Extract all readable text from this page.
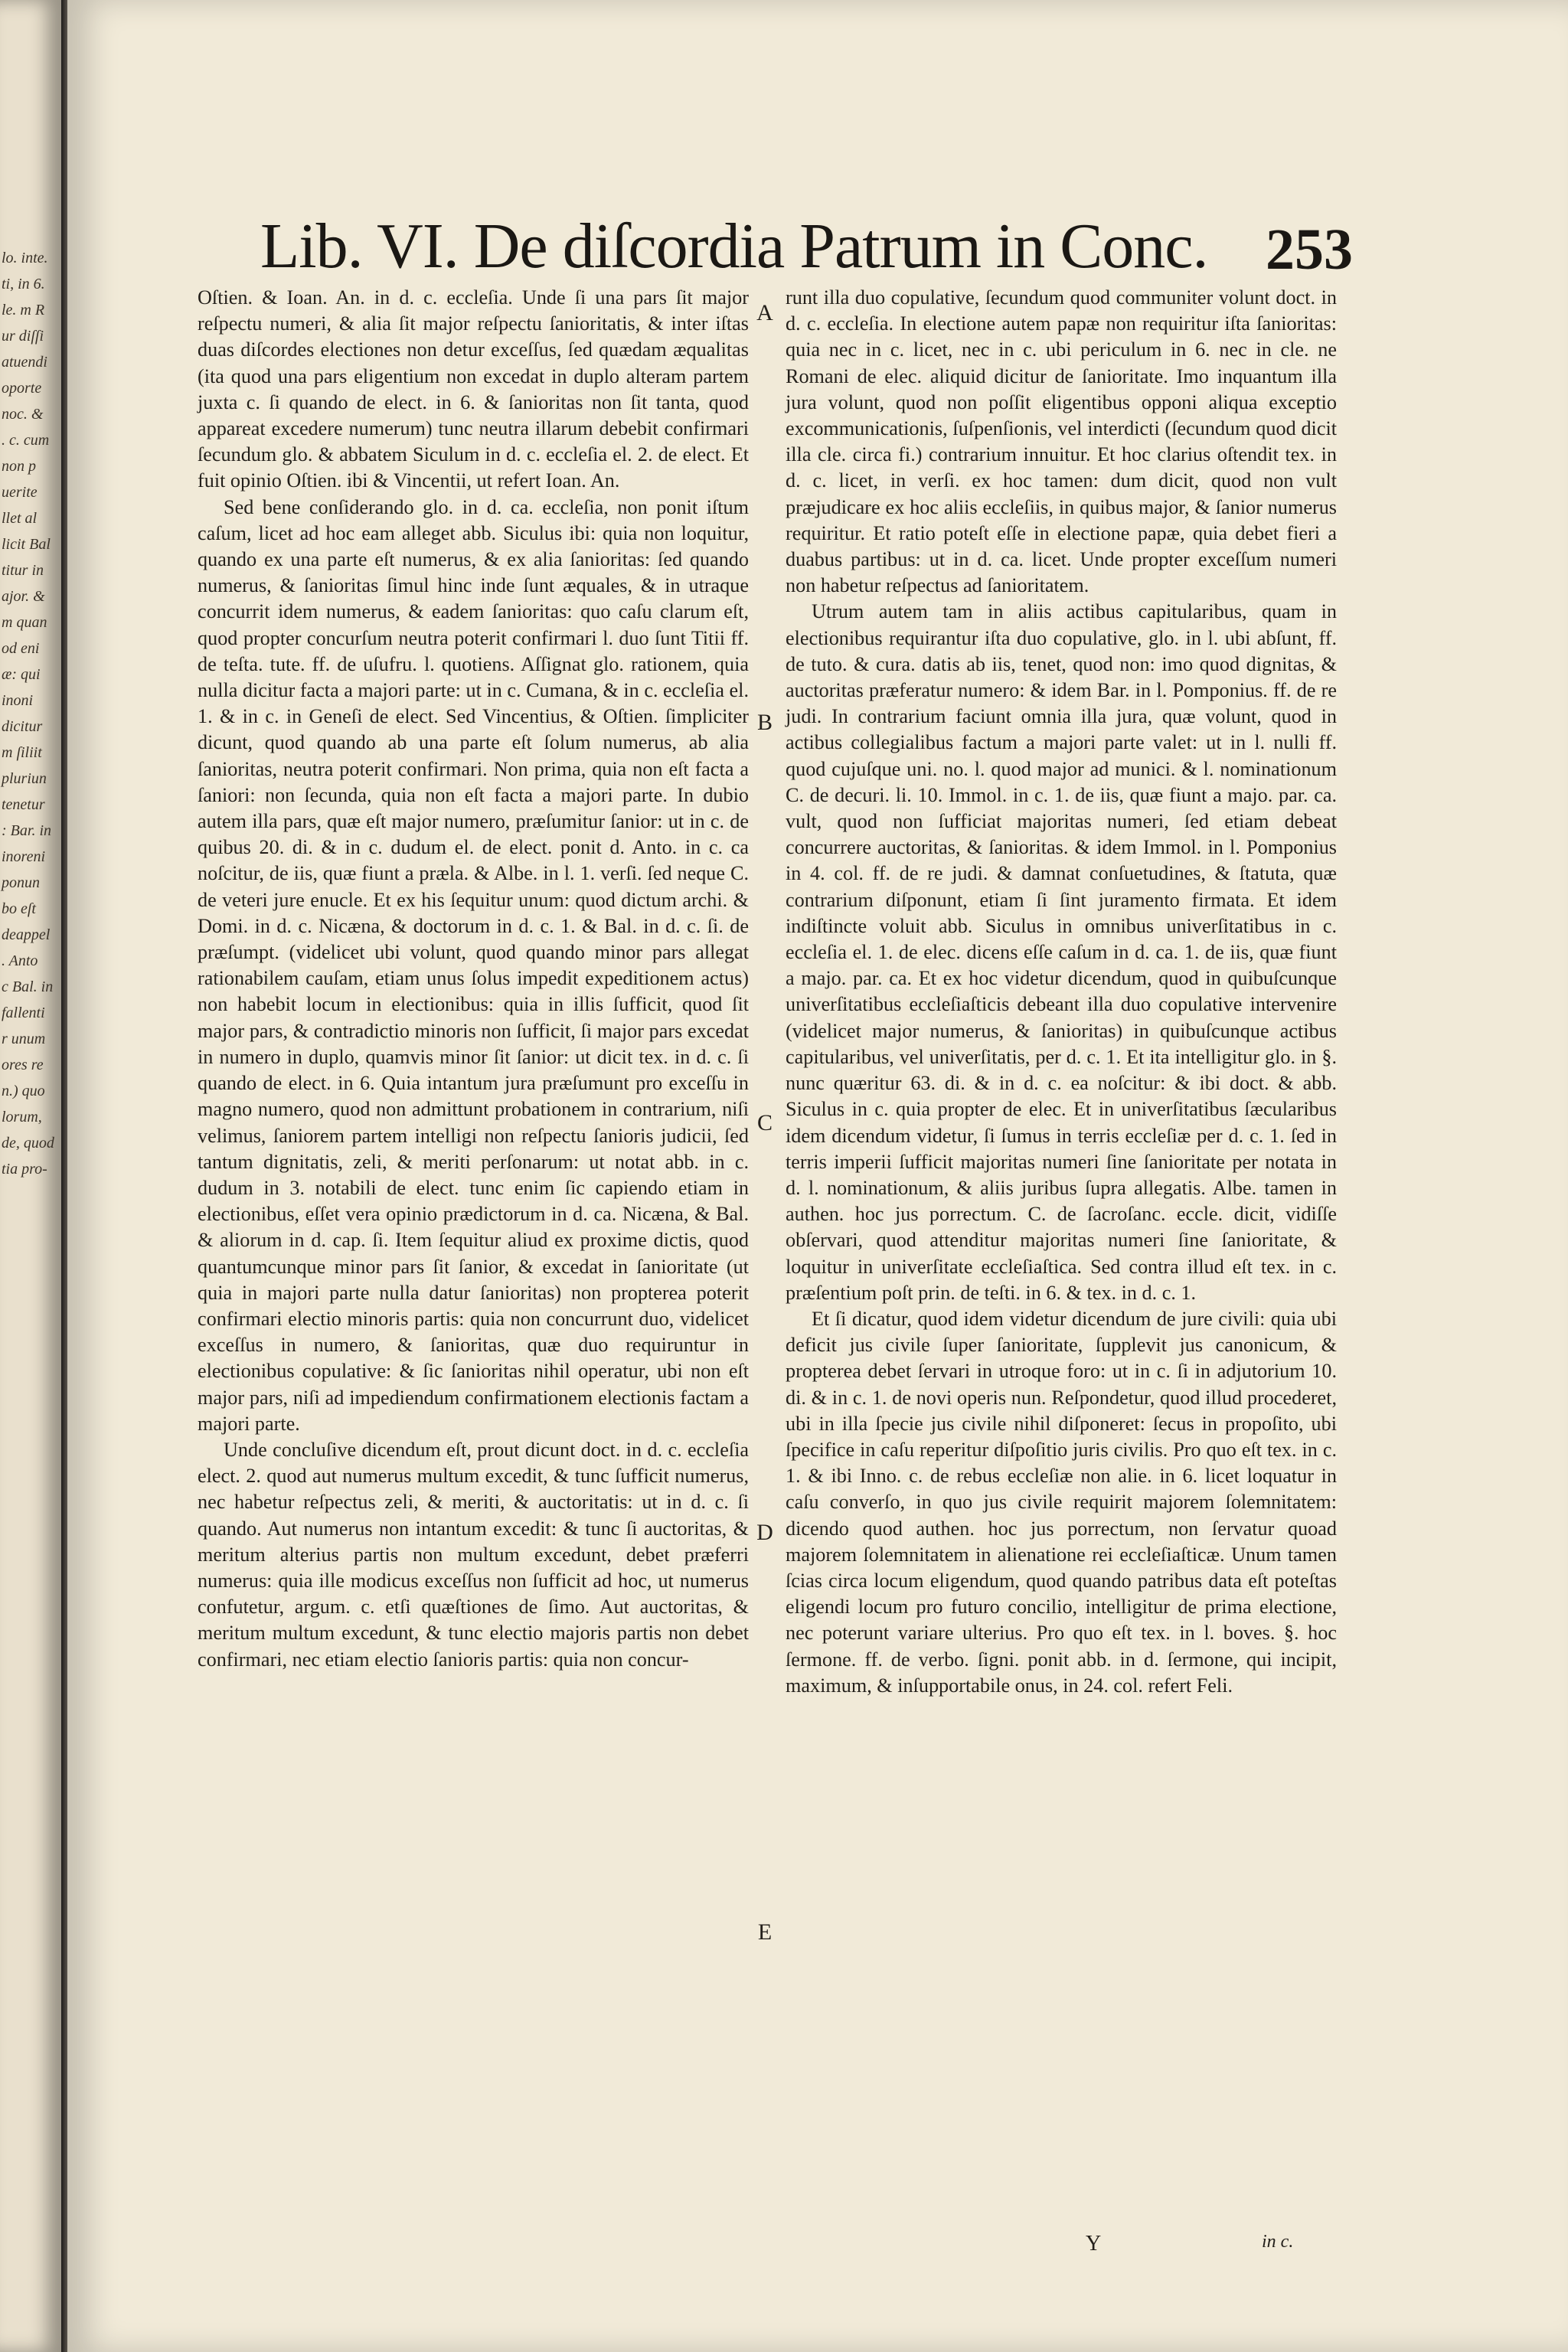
lo. inte.
ti, in 6.
le. m R
ur diſſi
atuendi
oporte
noc. &
. c. cum
non p
uerite
llet al
licit Bal
titur in
ajor. &
m quan
od eni
æ: qui
inoni
dicitur
m ſiliit
pluriun
tenetur
: Bar. in
inoreni
ponun
bo eſt
deappel
. Anto
c Bal. in
fallenti
r unum
ores re
n.) quo
lorum,
de, quod
tia pro-
Lib. VI. De diſcordia Patrum in Conc. 253

Oſtien. & Ioan. An. in d. c. eccleſia. Unde ſi una pars ſit major reſpectu numeri, & alia ſit major reſpectu ſanioritatis, & inter iſtas duas diſcordes electiones non detur exceſſus, ſed quædam æqualitas (ita quod una pars eligentium non excedat in duplo alteram partem juxta c. ſi quando de elect. in 6. & ſanioritas non ſit tanta, quod appareat excedere numerum) tunc neutra illarum debebit confirmari ſecundum glo. & abbatem Siculum in d. c. eccleſia el. 2. de elect. Et fuit opinio Oſtien. ibi & Vincentii, ut refert Ioan. An.

Sed bene conſiderando glo. in d. ca. eccleſia, non ponit iſtum caſum, licet ad hoc eam alleget abb. Siculus ibi: quia non loquitur, quando ex una parte eſt numerus, & ex alia ſanioritas: ſed quando numerus, & ſanioritas ſimul hinc inde ſunt æquales, & in utraque concurrit idem numerus, & eadem ſanioritas: quo caſu clarum eſt, quod propter concurſum neutra poterit confirmari l. duo ſunt Titii ff. de teſta. tute. ff. de uſufru. l. quotiens. Aſſignat glo. rationem, quia nulla dicitur facta a majori parte: ut in c. Cumana, & in c. eccleſia el. 1. & in c. in Geneſi de elect. Sed Vincentius, & Oſtien. ſimpliciter dicunt, quod quando ab una parte eſt ſolum numerus, ab alia ſanioritas, neutra poterit confirmari. Non prima, quia non eſt facta a ſaniori: non ſecunda, quia non eſt facta a majori parte. In dubio autem illa pars, quæ eſt major numero, præſumitur ſanior: ut in c. de quibus 20. di. & in c. dudum el. de elect. ponit d. Anto. in c. ca noſcitur, de iis, quæ fiunt a præla. & Albe. in l. 1. verſi. ſed neque C. de veteri jure enucle. Et ex his ſequitur unum: quod dictum archi. & Domi. in d. c. Nicæna, & doctorum in d. c. 1. & Bal. in d. c. ſi. de præſumpt. (videlicet ubi volunt, quod quando minor pars allegat rationabilem cauſam, etiam unus ſolus impedit expeditionem actus) non habebit locum in electionibus: quia in illis ſufficit, quod ſit major pars, & contradictio minoris non ſufficit, ſi major pars excedat in numero in duplo, quamvis minor ſit ſanior: ut dicit tex. in d. c. ſi quando de elect. in 6. Quia intantum jura præſumunt pro exceſſu in magno numero, quod non admittunt probationem in contrarium, niſi velimus, ſaniorem partem intelligi non reſpectu ſanioris judicii, ſed tantum dignitatis, zeli, & meriti perſonarum: ut notat abb. in c. dudum in 3. notabili de elect. tunc enim ſic capiendo etiam in electionibus, eſſet vera opinio prædictorum in d. ca. Nicæna, & Bal. & aliorum in d. cap. ſi. Item ſequitur aliud ex proxime dictis, quod quantumcunque minor pars ſit ſanior, & excedat in ſanioritate (ut quia in majori parte nulla datur ſanioritas) non propterea poterit confirmari electio minoris partis: quia non concurrunt duo, videlicet exceſſus in numero, & ſanioritas, quæ duo requiruntur in electionibus copulative: & ſic ſanioritas nihil operatur, ubi non eſt major pars, niſi ad impediendum confirmationem electionis factam a majori parte.

Unde concluſive dicendum eſt, prout dicunt doct. in d. c. eccleſia elect. 2. quod aut numerus multum excedit, & tunc ſufficit numerus, nec habetur reſpectus zeli, & meriti, & auctoritatis: ut in d. c. ſi quando. Aut numerus non intantum excedit: & tunc ſi auctoritas, & meritum alterius partis non multum excedunt, debet præferri numerus: quia ille modicus exceſſus non ſufficit ad hoc, ut numerus confutetur, argum. c. etſi quæſtiones de ſimo. Aut auctoritas, & meritum multum excedunt, & tunc electio majoris partis non debet confirmari, nec etiam electio ſanioris partis: quia non concur-

runt illa duo copulative, ſecundum quod communiter volunt doct. in d. c. eccleſia. In electione autem papæ non requiritur iſta ſanioritas: quia nec in c. licet, nec in c. ubi periculum in 6. nec in cle. ne Romani de elec. aliquid dicitur de ſanioritate. Imo inquantum illa jura volunt, quod non poſſit eligentibus opponi aliqua exceptio excommunicationis, ſuſpenſionis, vel interdicti (ſecundum quod dicit illa cle. circa fi.) contrarium innuitur. Et hoc clarius oſtendit tex. in d. c. licet, in verſi. ex hoc tamen: dum dicit, quod non vult præjudicare ex hoc aliis eccleſiis, in quibus major, & ſanior numerus requiritur. Et ratio poteſt eſſe in electione papæ, quia debet fieri a duabus partibus: ut in d. ca. licet. Unde propter exceſſum numeri non habetur reſpectus ad ſanioritatem.

Utrum autem tam in aliis actibus capitularibus, quam in electionibus requirantur iſta duo copulative, glo. in l. ubi abſunt, ff. de tuto. & cura. datis ab iis, tenet, quod non: imo quod dignitas, & auctoritas præferatur numero: & idem Bar. in l. Pomponius. ff. de re judi. In contrarium faciunt omnia illa jura, quæ volunt, quod in actibus collegialibus factum a majori parte valet: ut in l. nulli ff. quod cujuſque uni. no. l. quod major ad munici. & l. nominationum C. de decuri. li. 10. Immol. in c. 1. de iis, quæ fiunt a majo. par. ca. vult, quod non ſufficiat majoritas numeri, ſed etiam debeat concurrere auctoritas, & ſanioritas. & idem Immol. in l. Pomponius in 4. col. ff. de re judi. & damnat conſuetudines, & ſtatuta, quæ contrarium diſponunt, etiam ſi ſint juramento firmata. Et idem indiſtincte voluit abb. Siculus in omnibus univerſitatibus in c. eccleſia el. 1. de elec. dicens eſſe caſum in d. ca. 1. de iis, quæ fiunt a majo. par. ca. Et ex hoc videtur dicendum, quod in quibuſcunque univerſitatibus eccleſiaſticis debeant illa duo copulative intervenire (videlicet major numerus, & ſanioritas) in quibuſcunque actibus capitularibus, vel univerſitatis, per d. c. 1. Et ita intelligitur glo. in §. nunc quæritur 63. di. & in d. c. ea noſcitur: & ibi doct. & abb. Siculus in c. quia propter de elec. Et in univerſitatibus ſæcularibus idem dicendum videtur, ſi ſumus in terris eccleſiæ per d. c. 1. ſed in terris imperii ſufficit majoritas numeri ſine ſanioritate per notata in d. l. nominationum, & aliis juribus ſupra allegatis. Albe. tamen in authen. hoc jus porrectum. C. de ſacroſanc. eccle. dicit, vidiſſe obſervari, quod attenditur majoritas numeri ſine ſanioritate, & loquitur in univerſitate eccleſiaſtica. Sed contra illud eſt tex. in c. præſentium poſt prin. de teſti. in 6. & tex. in d. c. 1.

Et ſi dicatur, quod idem videtur dicendum de jure civili: quia ubi deficit jus civile ſuper ſanioritate, ſupplevit jus canonicum, & propterea debet ſervari in utroque foro: ut in c. ſi in adjutorium 10. di. & in c. 1. de novi operis nun. Reſpondetur, quod illud procederet, ubi in illa ſpecie jus civile nihil diſponeret: ſecus in propoſito, ubi ſpecifice in caſu reperitur diſpoſitio juris civilis. Pro quo eſt tex. in c. 1. & ibi Inno. c. de rebus eccleſiæ non alie. in 6. licet loquatur in caſu converſo, in quo jus civile requirit majorem ſolemnitatem: dicendo quod authen. hoc jus porrectum, non ſervatur quoad majorem ſolemnitatem in alienatione rei eccleſiaſticæ. Unum tamen ſcias circa locum eligendum, quod quando patribus data eſt poteſtas eligendi locum pro futuro concilio, intelligitur de prima electione, nec poterunt variare ulterius. Pro quo eſt tex. in l. boves. §. hoc ſermone. ff. de verbo. ſigni. ponit abb. in d. ſermone, qui incipit, maximum, & inſupportabile onus, in 24. col. refert Feli.

A
B
C
D
E
Y	in c.
